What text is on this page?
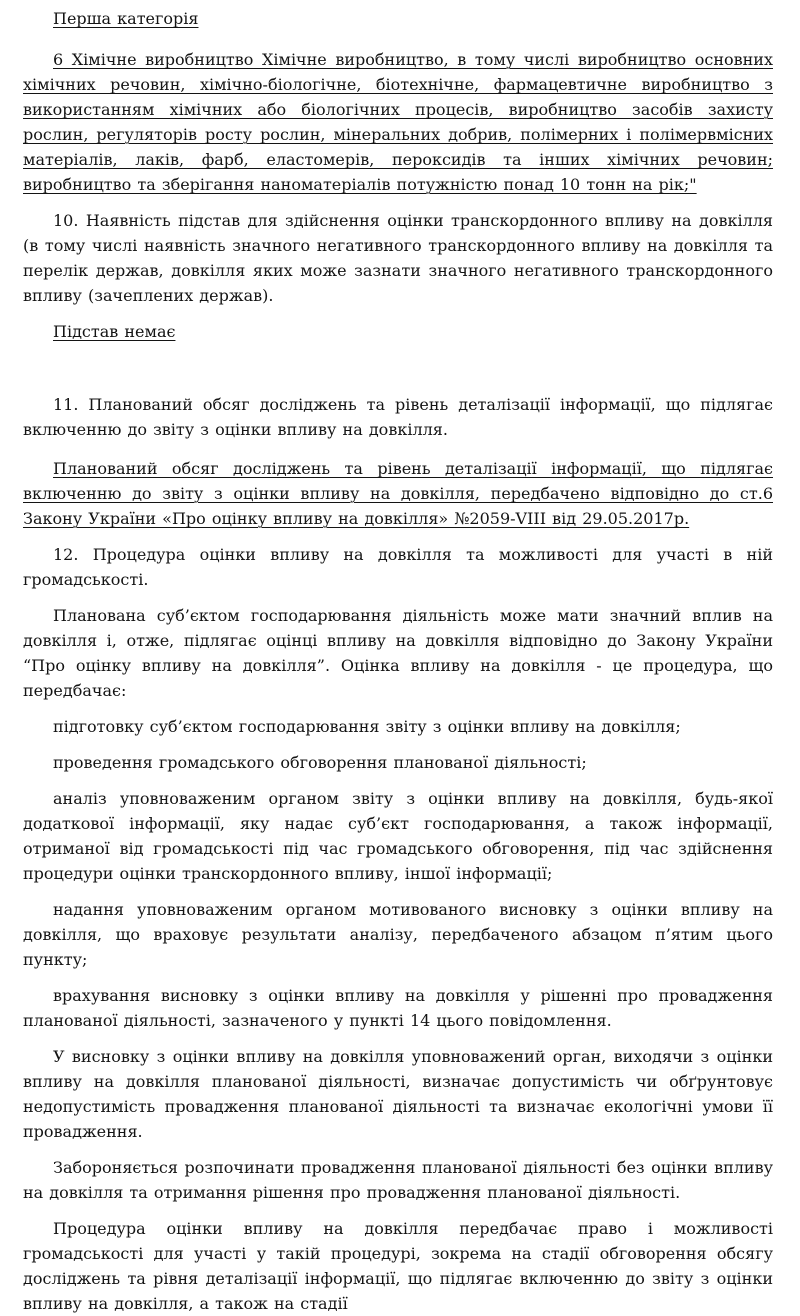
Перша категорія

6 Хімічне виробництво Хімічне виробництво, в тому числі виробництво основних хімічних речовин, хімічно-біологічне, біотехнічне, фармацевтичне виробництво з використанням хімічних або біологічних процесів, виробництво засобів захисту рослин, регуляторів росту рослин, мінеральних добрив, полімерних і полімервмісних матеріалів, лаків, фарб, еластомерів, пероксидів та інших хімічних речовин; виробництво та зберігання наноматеріалів потужністю понад 10 тонн на рік;"

10. Наявність підстав для здійснення оцінки транскордонного впливу на довкілля (в тому числі наявність значного негативного транскордонного впливу на довкілля та перелік держав, довкілля яких може зазнати значного негативного транскордонного впливу (зачеплених держав).

Підстав немає

11. Планований обсяг досліджень та рівень деталізації інформації, що підлягає включенню до звіту з оцінки впливу на довкілля.

Планований обсяг досліджень та рівень деталізації інформації, що підлягає включенню до звіту з оцінки впливу на довкілля, передбачено відповідно до ст.6 Закону України «Про оцінку впливу на довкілля» №2059-VIII від 29.05.2017р.

12. Процедура оцінки впливу на довкілля та можливості для участі в ній громадськості.

Планована суб’єктом господарювання діяльність може мати значний вплив на довкілля і, отже, підлягає оцінці впливу на довкілля відповідно до Закону України “Про оцінку впливу на довкілля”. Оцінка впливу на довкілля - це процедура, що передбачає:

підготовку суб’єктом господарювання звіту з оцінки впливу на довкілля;

проведення громадського обговорення планованої діяльності;

аналіз уповноваженим органом звіту з оцінки впливу на довкілля, будь-якої додаткової інформації, яку надає суб’єкт господарювання, а також інформації, отриманої від громадськості під час громадського обговорення, під час здійснення процедури оцінки транскордонного впливу, іншої інформації;

надання уповноваженим органом мотивованого висновку з оцінки впливу на довкілля, що враховує результати аналізу, передбаченого абзацом п’ятим цього пункту;

врахування висновку з оцінки впливу на довкілля у рішенні про провадження планованої діяльності, зазначеного у пункті 14 цього повідомлення.

У висновку з оцінки впливу на довкілля уповноважений орган, виходячи з оцінки впливу на довкілля планованої діяльності, визначає допустимість чи обґрунтовує недопустимість провадження планованої діяльності та визначає екологічні умови її провадження.

Забороняється розпочинати провадження планованої діяльності без оцінки впливу на довкілля та отримання рішення про провадження планованої діяльності.

Процедура оцінки впливу на довкілля передбачає право і можливості громадськості для участі у такій процедурі, зокрема на стадії обговорення обсягу досліджень та рівня деталізації інформації, що підлягає включенню до звіту з оцінки впливу на довкілля, а також на стадії
